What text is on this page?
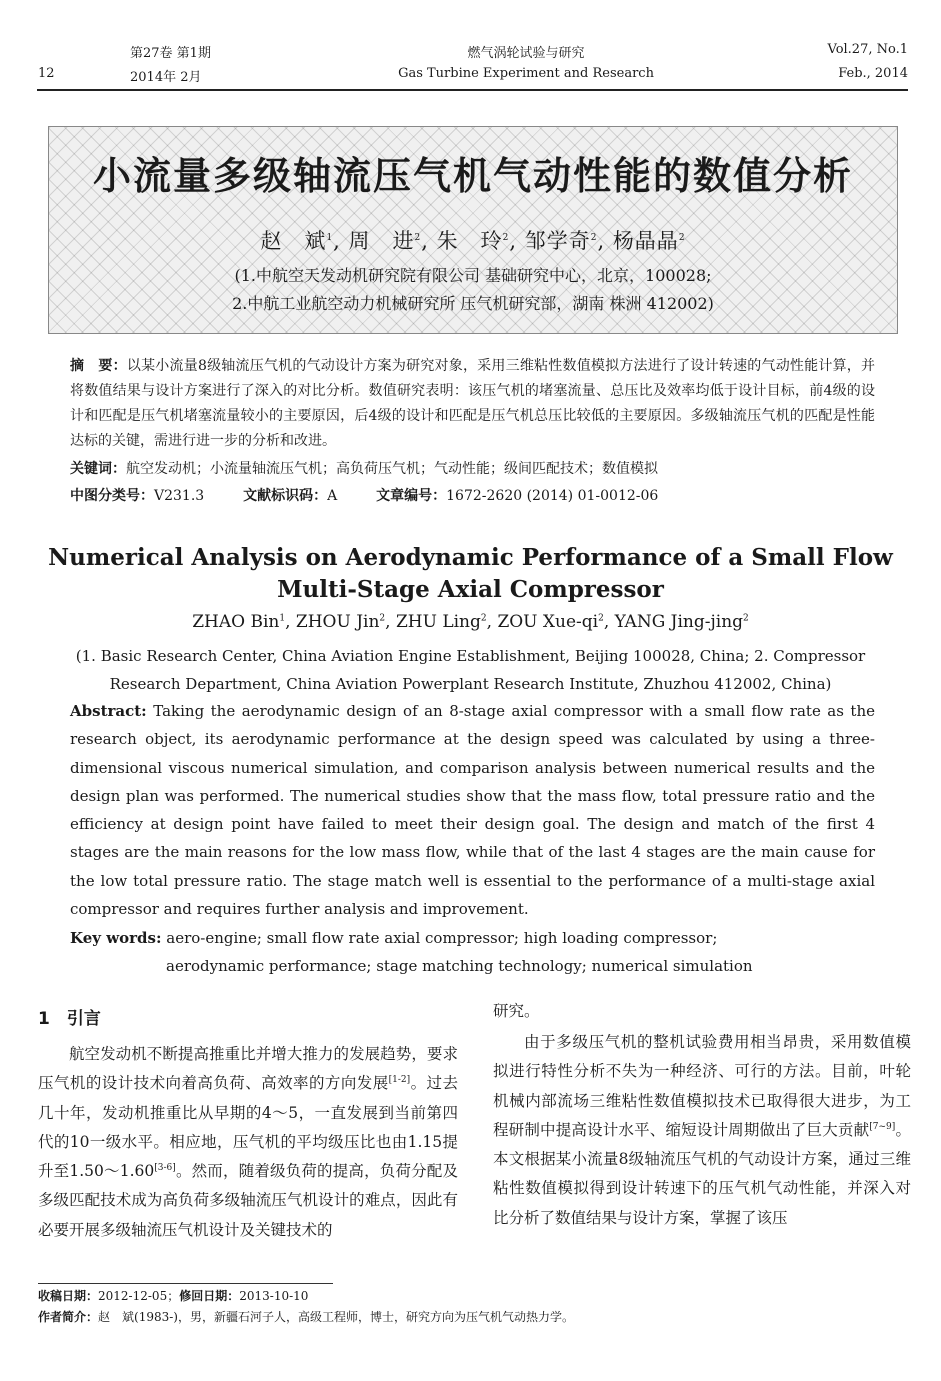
12
第27卷 第1期
2014年 2月
燃气涡轮试验与研究
Gas Turbine Experiment and Research
Vol.27, No.1
Feb., 2014
小流量多级轴流压气机气动性能的数值分析
赵　斌$^1$, 周　进$^2$, 朱　玲$^2$, 邹学奇$^2$, 杨晶晶$^2$
(1.中航空天发动机研究院有限公司 基础研究中心，北京，100028;
2.中航工业航空动力机械研究所 压气机研究部，湖南 株洲 412002)
摘　要：以某小流量8级轴流压气机的气动设计方案为研究对象，采用三维粘性数值模拟方法进行了设计转速的气动性能计算，并将数值结果与设计方案进行了深入的对比分析。数值研究表明：该压气机的堵塞流量、总压比及效率均低于设计目标，前4级的设计和匹配是压气机堵塞流量较小的主要原因，后4级的设计和匹配是压气机总压比较低的主要原因。多级轴流压气机的匹配是性能达标的关键，需进行进一步的分析和改进。
关键词：航空发动机；小流量轴流压气机；高负荷压气机；气动性能；级间匹配技术；数值模拟
中图分类号：V231.3	文献标识码：A	文章编号：1672-2620 (2014) 01-0012-06
Numerical Analysis on Aerodynamic Performance of a Small Flow
Multi-Stage Axial Compressor
ZHAO Bin$^1$, ZHOU Jin$^2$, ZHU Ling$^2$, ZOU Xue-$qi^2$, YANG Jing-jing$^2$
(1. Basic Research Center, China Aviation Engine Establishment, Beijing 100028, China; 2. Compressor Research Department, China Aviation Powerplant Research Institute, Zhuzhou 412002, China)
Abstract: Taking the aerodynamic design of an 8-stage axial compressor with a small flow rate as the research object, its aerodynamic performance at the design speed was calculated by using a three-dimensional viscous numerical simulation, and comparison analysis between numerical results and the design plan was performed. The numerical studies show that the mass flow, total pressure ratio and the efficiency at design point have failed to meet their design goal. The design and match of the first 4 stages are the main reasons for the low mass flow, while that of the last 4 stages are the main cause for the low total pressure ratio. The stage match well is essential to the performance of a multi-stage axial compressor and requires further analysis and improvement.
Key words: aero-engine; small flow rate axial compressor; high loading compressor;
aerodynamic performance; stage matching technology; numerical simulation
1　引言
航空发动机不断提高推重比并增大推力的发展趋势，要求压气机的设计技术向着高负荷、高效率的方向发展[1-2]。过去几十年，发动机推重比从早期的4～5，一直发展到当前第四代的10一级水平。相应地，压气机的平均级压比也由1.15提升至1.50～1.60[3-6]。然而，随着级负荷的提高，负荷分配及多级匹配技术成为高负荷多级轴流压气机设计的难点，因此有必要开展多级轴流压气机设计及关键技术的
研究。
由于多级压气机的整机试验费用相当昂贵，采用数值模拟进行特性分析不失为一种经济、可行的方法。目前，叶轮机械内部流场三维粘性数值模拟技术已取得很大进步，为工程研制中提高设计水平、缩短设计周期做出了巨大贡献[7~9]。本文根据某小流量8级轴流压气机的气动设计方案，通过三维粘性数值模拟得到设计转速下的压气机气动性能，并深入对比分析了数值结果与设计方案，掌握了该压
收稿日期：2012-12-05；修回日期：2013-10-10
作者简介：赵　斌(1983-)，男，新疆石河子人，高级工程师，博士，研究方向为压气机气动热力学。
